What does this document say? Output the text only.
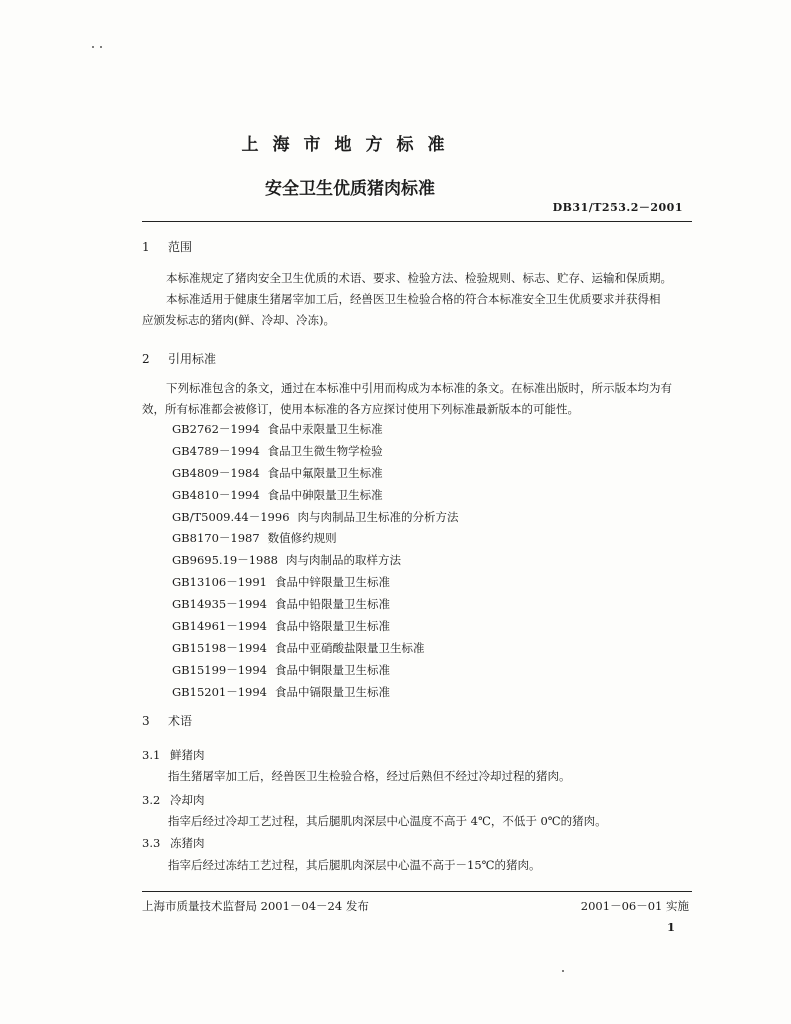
上海市地方标准
安全卫生优质猪肉标准
DB31/T253.2－2001
1 范围
本标准规定了猪肉安全卫生优质的术语、要求、检验方法、检验规则、标志、贮存、运输和保质期。
本标准适用于健康生猪屠宰加工后，经兽医卫生检验合格的符合本标准安全卫生优质要求并获得相
应颁发标志的猪肉(鲜、冷却、冷冻)。
2 引用标准
下列标准包含的条文，通过在本标准中引用而构成为本标准的条文。在标准出版时，所示版本均为有
效，所有标准都会被修订，使用本标准的各方应探讨使用下列标准最新版本的可能性。
GB2762－1994 食品中汞限量卫生标准
GB4789－1994 食品卫生微生物学检验
GB4809－1984 食品中氟限量卫生标准
GB4810－1994 食品中砷限量卫生标准
GB/T5009.44－1996 肉与肉制品卫生标准的分析方法
GB8170－1987 数值修约规则
GB9695.19－1988 肉与肉制品的取样方法
GB13106－1991 食品中锌限量卫生标准
GB14935－1994 食品中铅限量卫生标准
GB14961－1994 食品中铬限量卫生标准
GB15198－1994 食品中亚硝酸盐限量卫生标准
GB15199－1994 食品中铜限量卫生标准
GB15201－1994 食品中镉限量卫生标准
3 术语
3.1 鲜猪肉
指生猪屠宰加工后，经兽医卫生检验合格，经过后熟但不经过冷却过程的猪肉。
3.2 冷却肉
指宰后经过冷却工艺过程，其后腿肌肉深层中心温度不高于 4℃，不低于 0℃的猪肉。
3.3 冻猪肉
指宰后经过冻结工艺过程，其后腿肌肉深层中心温不高于－15℃的猪肉。
上海市质量技术监督局 2001－04－24 发布	2001－06－01 实施
1
